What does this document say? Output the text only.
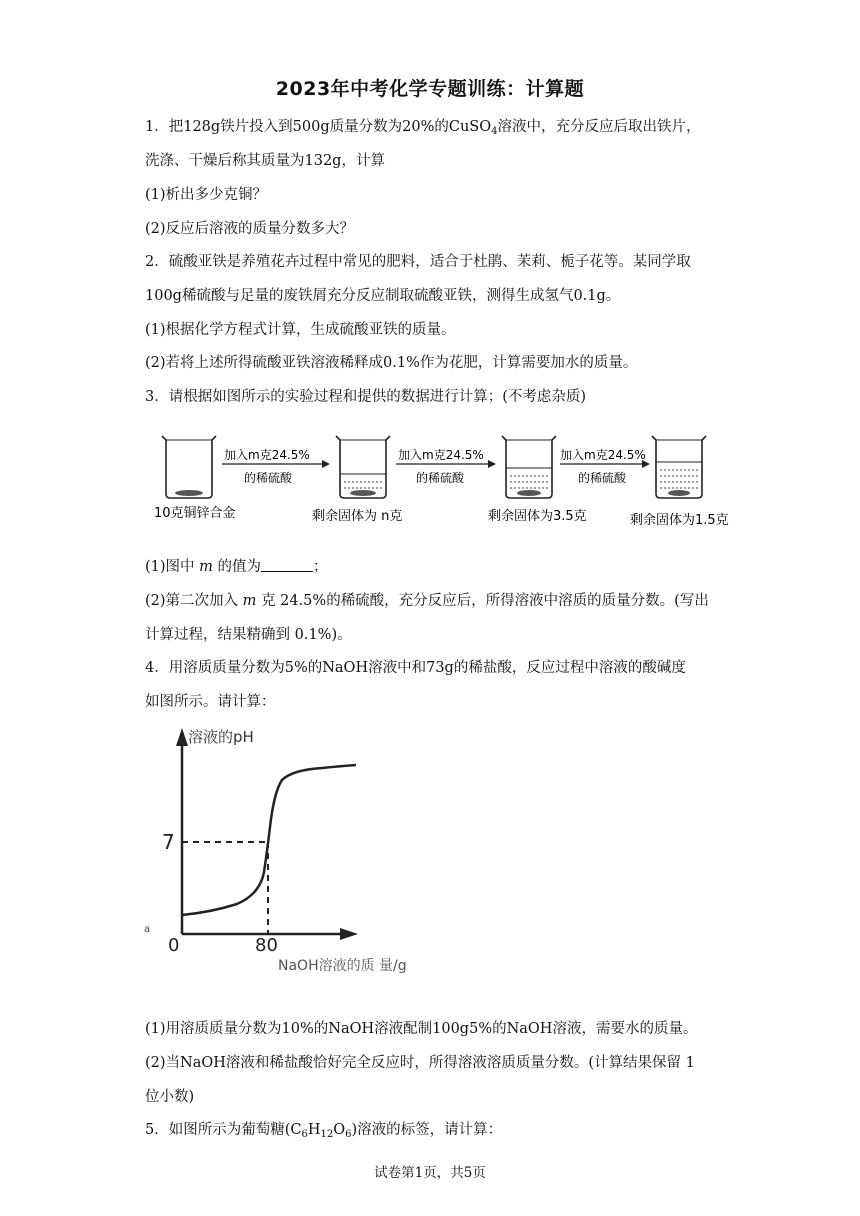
2023年中考化学专题训练：计算题
1．把128g铁片投入到500g质量分数为20%的CuSO$_4$溶液中，充分反应后取出铁片，
洗涤、干燥后称其质量为132g，计算
(1)析出多少克铜？
(2)反应后溶液的质量分数多大？
2．硫酸亚铁是养殖花卉过程中常见的肥料，适合于杜鹃、茉莉、栀子花等。某同学取
100g稀硫酸与足量的废铁屑充分反应制取硫酸亚铁，测得生成氢气0.1g。
(1)根据化学方程式计算，生成硫酸亚铁的质量。
(2)若将上述所得硫酸亚铁溶液稀释成0.1%作为花肥，计算需要加水的质量。
3．请根据如图所示的实验过程和提供的数据进行计算；(不考虑杂质)
加入m克24.5%
的稀硫酸
加入m克24.5%
的稀硫酸
加入m克24.5%
的稀硫酸
10克铜锌合金	剩余固体为 n克	剩余固体为3.5克	剩余固体为1.5克
(1)图中 m 的值为	；
(2)第二次加入 m 克 24.5%的稀硫酸，充分反应后，所得溶液中溶质的质量分数。(写出
计算过程，结果精确到 0.1%)。
4．用溶质质量分数为5%的NaOH溶液中和73g的稀盐酸，反应过程中溶液的酸碱度
如图所示。请计算：
溶液的pH
7
0	80
NaOH溶液的质 量/g
a
(1)用溶质质量分数为10%的NaOH溶液配制100g5%的NaOH溶液，需要水的质量。
(2)当NaOH溶液和稀盐酸恰好完全反应时，所得溶液溶质质量分数。(计算结果保留 1
位小数)
5．如图所示为葡萄糖$(C_6H_{12}O_6)$溶液的标签，请计算：
试卷第1页，共5页
